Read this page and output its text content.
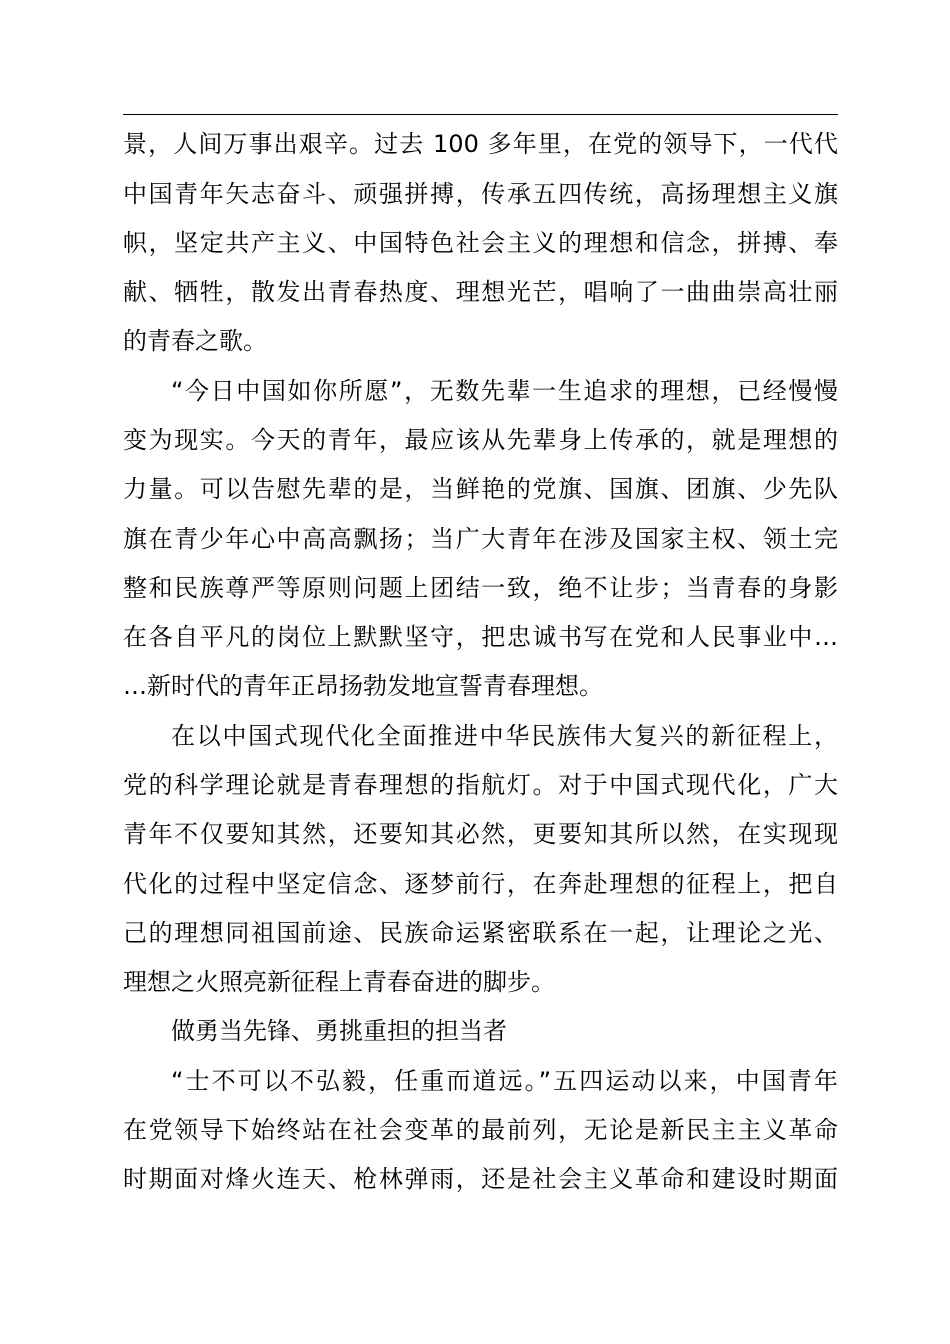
景，人间万事出艰辛。过去 100 多年里，在党的领导下，一代代
中国青年矢志奋斗、顽强拼搏，传承五四传统，高扬理想主义旗
帜，坚定共产主义、中国特色社会主义的理想和信念，拼搏、奉
献、牺牲，散发出青春热度、理想光芒，唱响了一曲曲崇高壮丽
的青春之歌。
“今日中国如你所愿”，无数先辈一生追求的理想，已经慢慢
变为现实。今天的青年，最应该从先辈身上传承的，就是理想的
力量。可以告慰先辈的是，当鲜艳的党旗、国旗、团旗、少先队
旗在青少年心中高高飘扬；当广大青年在涉及国家主权、领土完
整和民族尊严等原则问题上团结一致，绝不让步；当青春的身影
在各自平凡的岗位上默默坚守，把忠诚书写在党和人民事业中…
…新时代的青年正昂扬勃发地宣誓青春理想。
在以中国式现代化全面推进中华民族伟大复兴的新征程上，
党的科学理论就是青春理想的指航灯。对于中国式现代化，广大
青年不仅要知其然，还要知其必然，更要知其所以然，在实现现
代化的过程中坚定信念、逐梦前行，在奔赴理想的征程上，把自
己的理想同祖国前途、民族命运紧密联系在一起，让理论之光、
理想之火照亮新征程上青春奋进的脚步。
做勇当先锋、勇挑重担的担当者
“士不可以不弘毅，任重而道远。”五四运动以来，中国青年
在党领导下始终站在社会变革的最前列，无论是新民主主义革命
时期面对烽火连天、枪林弹雨，还是社会主义革命和建设时期面
